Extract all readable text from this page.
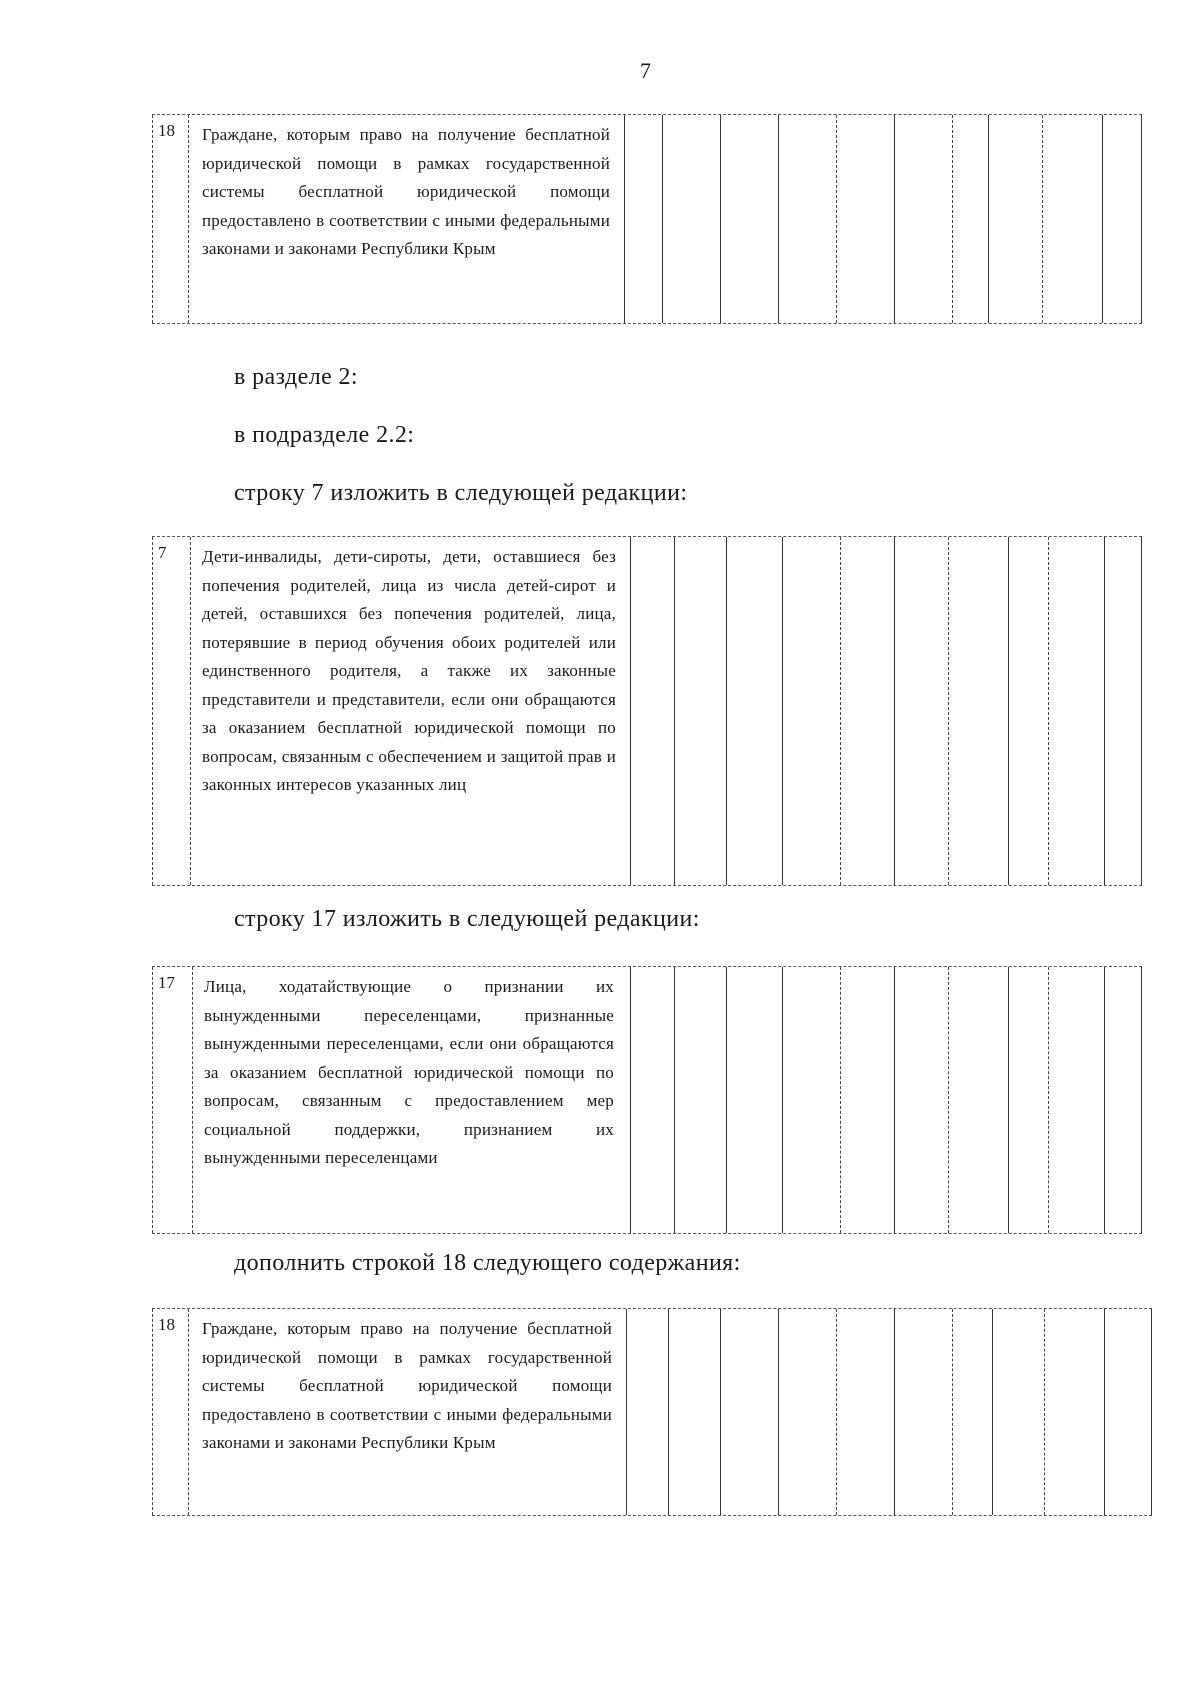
7
18 Граждане, которым право на получение бесплатной юридической помощи в рамках государственной системы бесплатной юридической помощи предоставлено в соответствии с иными федеральными законами и законами Республики Крым
в разделе 2:
в подразделе 2.2:
строку 7 изложить в следующей редакции:
7 Дети-инвалиды, дети-сироты, дети, оставшиеся без попечения родителей, лица из числа детей-сирот и детей, оставшихся без попечения родителей, лица, потерявшие в период обучения обоих родителей или единственного родителя, а также их законные представители и представители, если они обращаются за оказанием бесплатной юридической помощи по вопросам, связанным с обеспечением и защитой прав и законных интересов указанных лиц
строку 17 изложить в следующей редакции:
17 Лица, ходатайствующие о признании их вынужденными переселенцами, признанные вынужденными переселенцами, если они обращаются за оказанием бесплатной юридической помощи по вопросам, связанным с предоставлением мер социальной поддержки, признанием их вынужденными переселенцами
дополнить строкой 18 следующего содержания:
18 Граждане, которым право на получение бесплатной юридической помощи в рамках государственной системы бесплатной юридической помощи предоставлено в соответствии с иными федеральными законами и законами Республики Крым
